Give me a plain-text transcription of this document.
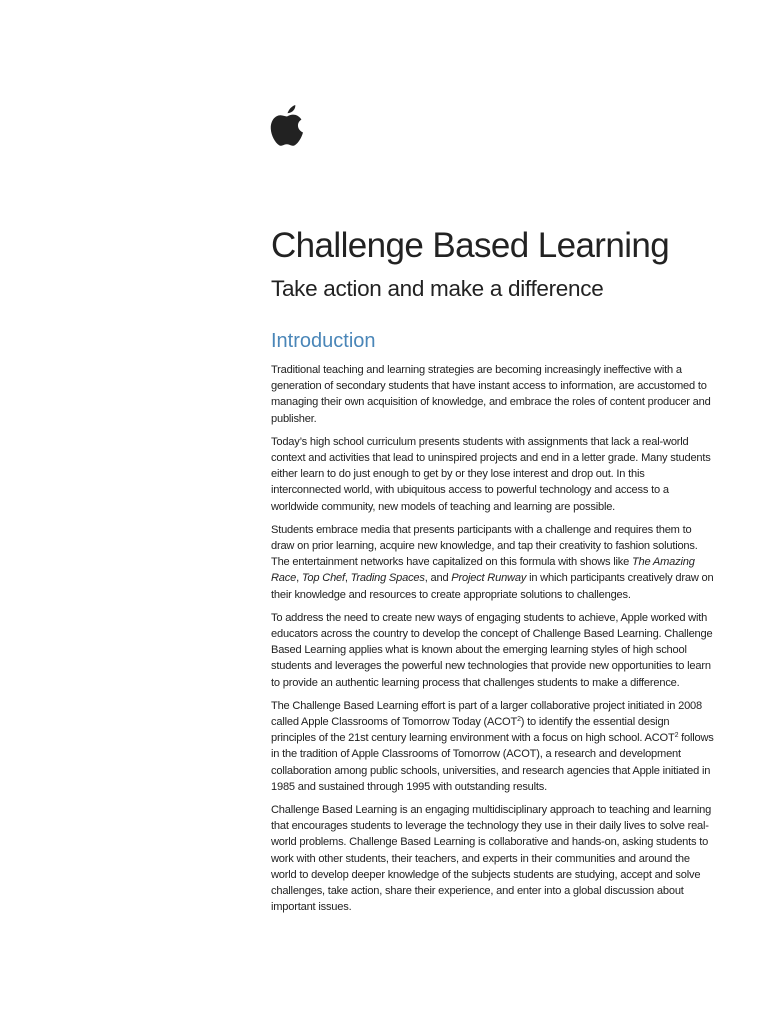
Challenge Based Learning
Take action and make a difference
Introduction

Traditional teaching and learning strategies are becoming increasingly ineffective with a generation of secondary students that have instant access to information, are accustomed to managing their own acquisition of knowledge, and embrace the roles of content producer and publisher.

Today’s high school curriculum presents students with assignments that lack a real-world context and activities that lead to uninspired projects and end in a letter grade. Many students either learn to do just enough to get by or they lose interest and drop out. In this interconnected world, with ubiquitous access to powerful technology and access to a worldwide community, new models of teaching and learning are possible.

Students embrace media that presents participants with a challenge and requires them to draw on prior learning, acquire new knowledge, and tap their creativity to fashion solutions. The entertainment networks have capitalized on this formula with shows like The Amazing Race, Top Chef, Trading Spaces, and Project Runway in which participants creatively draw on their knowledge and resources to create appropriate solutions to challenges.

To address the need to create new ways of engaging students to achieve, Apple worked with educators across the country to develop the concept of Challenge Based Learning. Challenge Based Learning applies what is known about the emerging learning styles of high school students and leverages the powerful new technologies that provide new opportunities to learn to provide an authentic learning process that challenges students to make a difference.

The Challenge Based Learning effort is part of a larger collaborative project initiated in 2008 called Apple Classrooms of Tomorrow Today (ACOT$^2$) to identify the essential design principles of the 21st century learning environment with a focus on high school. ACOT$^2$ follows in the tradition of Apple Classrooms of Tomorrow (ACOT), a research and development collaboration among public schools, universities, and research agencies that Apple initiated in 1985 and sustained through 1995 with outstanding results.

Challenge Based Learning is an engaging multidisciplinary approach to teaching and learning that encourages students to leverage the technology they use in their daily lives to solve real-world problems. Challenge Based Learning is collaborative and hands-on, asking students to work with other students, their teachers, and experts in their communities and around the world to develop deeper knowledge of the subjects students are studying, accept and solve challenges, take action, share their experience, and enter into a global discussion about important issues.
